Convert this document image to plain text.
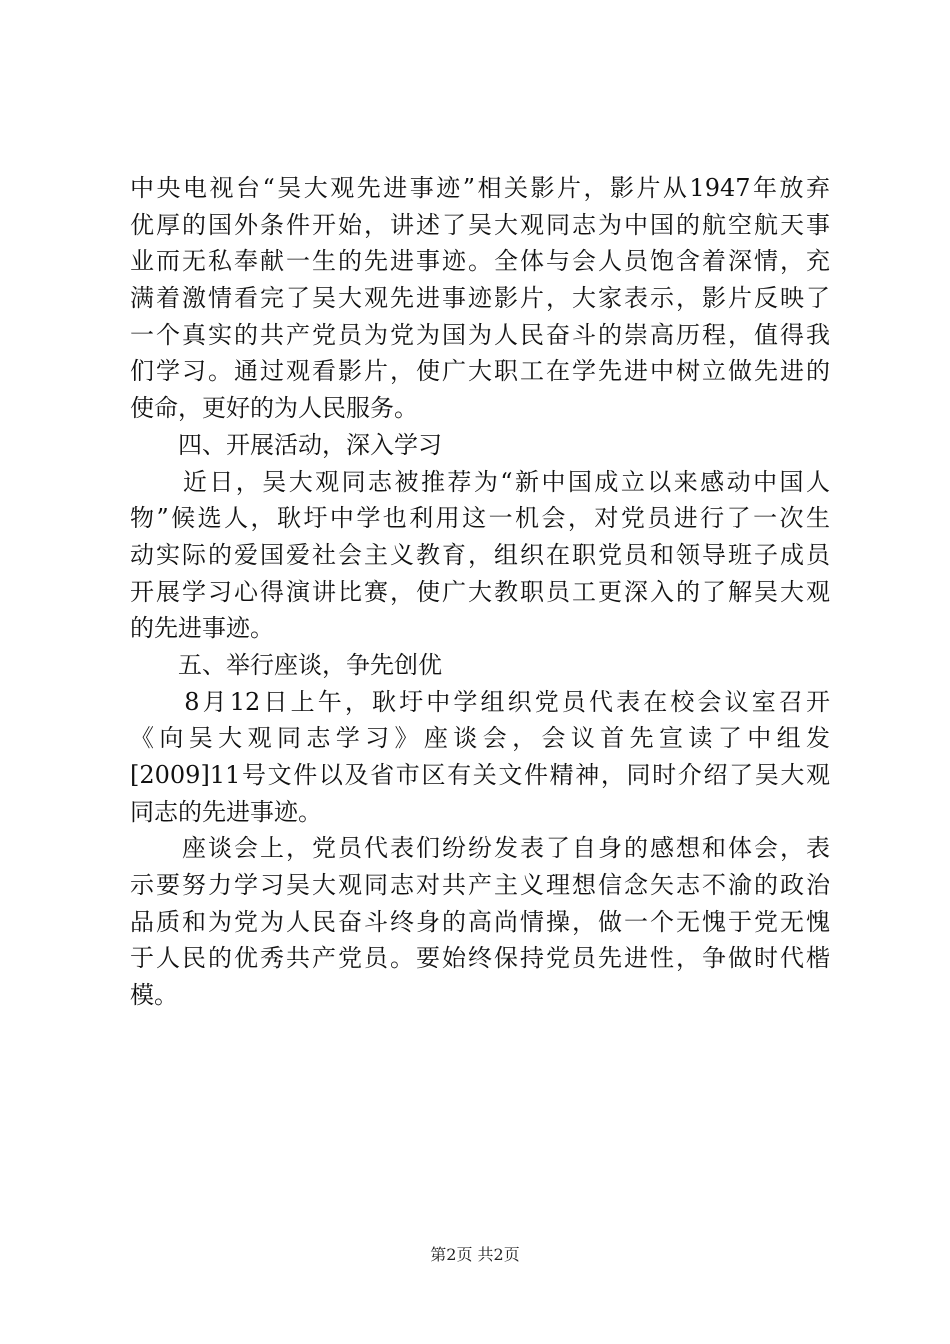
中央电视台“吴大观先进事迹”相关影片，影片从1947年放弃
优厚的国外条件开始，讲述了吴大观同志为中国的航空航天事
业而无私奉献一生的先进事迹。全体与会人员饱含着深情，充
满着激情看完了吴大观先进事迹影片，大家表示，影片反映了
一个真实的共产党员为党为国为人民奋斗的崇高历程，值得我
们学习。通过观看影片，使广大职工在学先进中树立做先进的
使命，更好的为人民服务。
　　四、开展活动，深入学习
　　近日，吴大观同志被推荐为“新中国成立以来感动中国人
物”候选人，耿圩中学也利用这一机会，对党员进行了一次生
动实际的爱国爱社会主义教育，组织在职党员和领导班子成员
开展学习心得演讲比赛，使广大教职员工更深入的了解吴大观
的先进事迹。
　　五、举行座谈，争先创优
　　8月12日上午，耿圩中学组织党员代表在校会议室召开
《向吴大观同志学习》座谈会，会议首先宣读了中组发
[2009]11号文件以及省市区有关文件精神，同时介绍了吴大观
同志的先进事迹。
　　座谈会上，党员代表们纷纷发表了自身的感想和体会，表
示要努力学习吴大观同志对共产主义理想信念矢志不渝的政治
品质和为党为人民奋斗终身的高尚情操，做一个无愧于党无愧
于人民的优秀共产党员。要始终保持党员先进性，争做时代楷
模。
第2页 共2页
